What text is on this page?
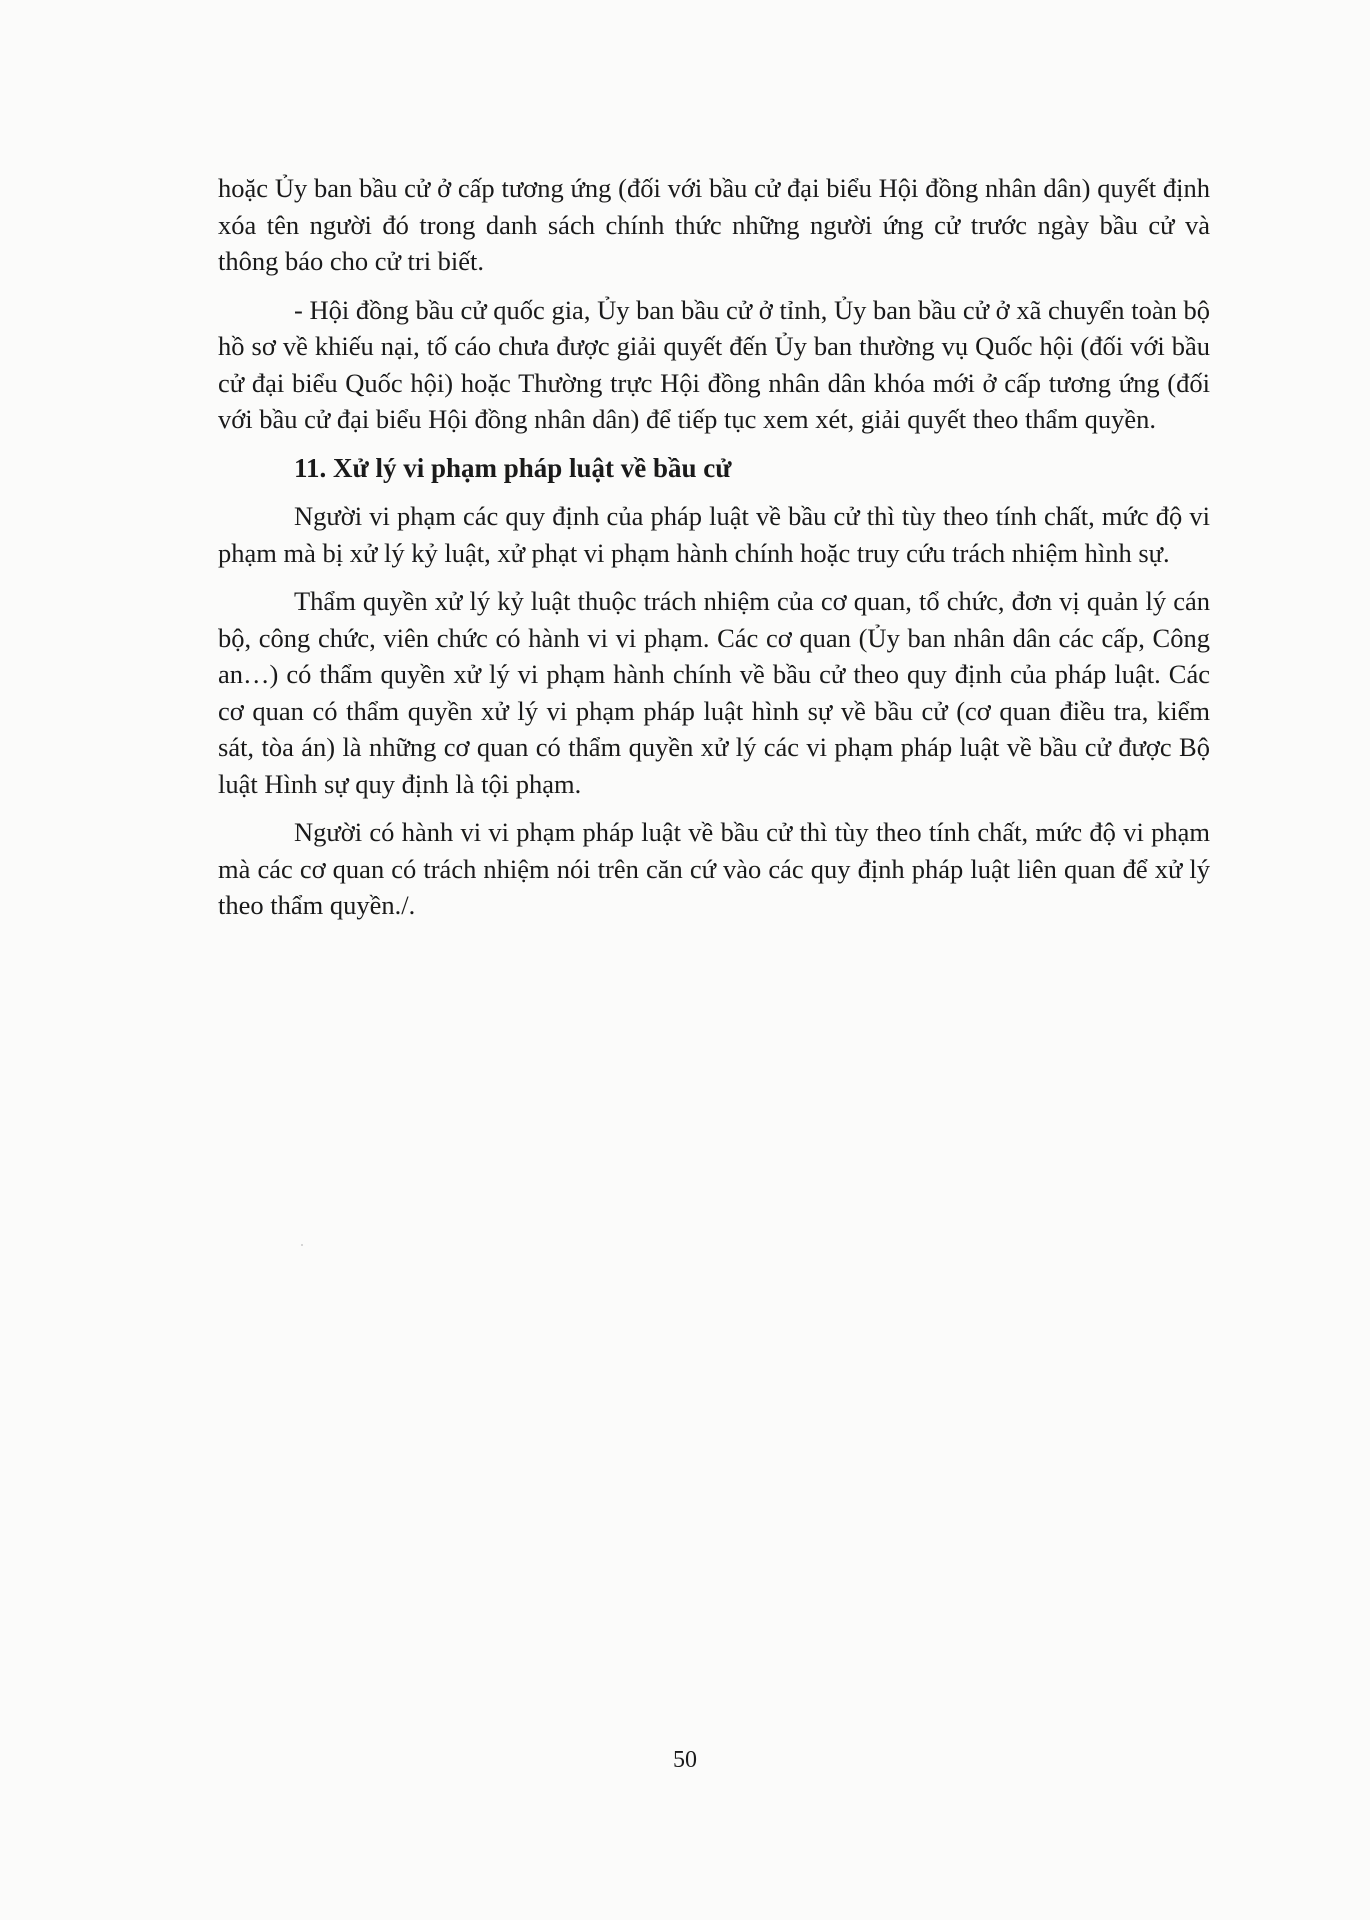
hoặc Ủy ban bầu cử ở cấp tương ứng (đối với bầu cử đại biểu Hội đồng nhân dân) quyết định xóa tên người đó trong danh sách chính thức những người ứng cử trước ngày bầu cử và thông báo cho cử tri biết.

- Hội đồng bầu cử quốc gia, Ủy ban bầu cử ở tỉnh, Ủy ban bầu cử ở xã chuyển toàn bộ hồ sơ về khiếu nại, tố cáo chưa được giải quyết đến Ủy ban thường vụ Quốc hội (đối với bầu cử đại biểu Quốc hội) hoặc Thường trực Hội đồng nhân dân khóa mới ở cấp tương ứng (đối với bầu cử đại biểu Hội đồng nhân dân) để tiếp tục xem xét, giải quyết theo thẩm quyền.

11. Xử lý vi phạm pháp luật về bầu cử

Người vi phạm các quy định của pháp luật về bầu cử thì tùy theo tính chất, mức độ vi phạm mà bị xử lý kỷ luật, xử phạt vi phạm hành chính hoặc truy cứu trách nhiệm hình sự.

Thẩm quyền xử lý kỷ luật thuộc trách nhiệm của cơ quan, tổ chức, đơn vị quản lý cán bộ, công chức, viên chức có hành vi vi phạm. Các cơ quan (Ủy ban nhân dân các cấp, Công an…) có thẩm quyền xử lý vi phạm hành chính về bầu cử theo quy định của pháp luật. Các cơ quan có thẩm quyền xử lý vi phạm pháp luật hình sự về bầu cử (cơ quan điều tra, kiểm sát, tòa án) là những cơ quan có thẩm quyền xử lý các vi phạm pháp luật về bầu cử được Bộ luật Hình sự quy định là tội phạm.

Người có hành vi vi phạm pháp luật về bầu cử thì tùy theo tính chất, mức độ vi phạm mà các cơ quan có trách nhiệm nói trên căn cứ vào các quy định pháp luật liên quan để xử lý theo thẩm quyền./.

50
